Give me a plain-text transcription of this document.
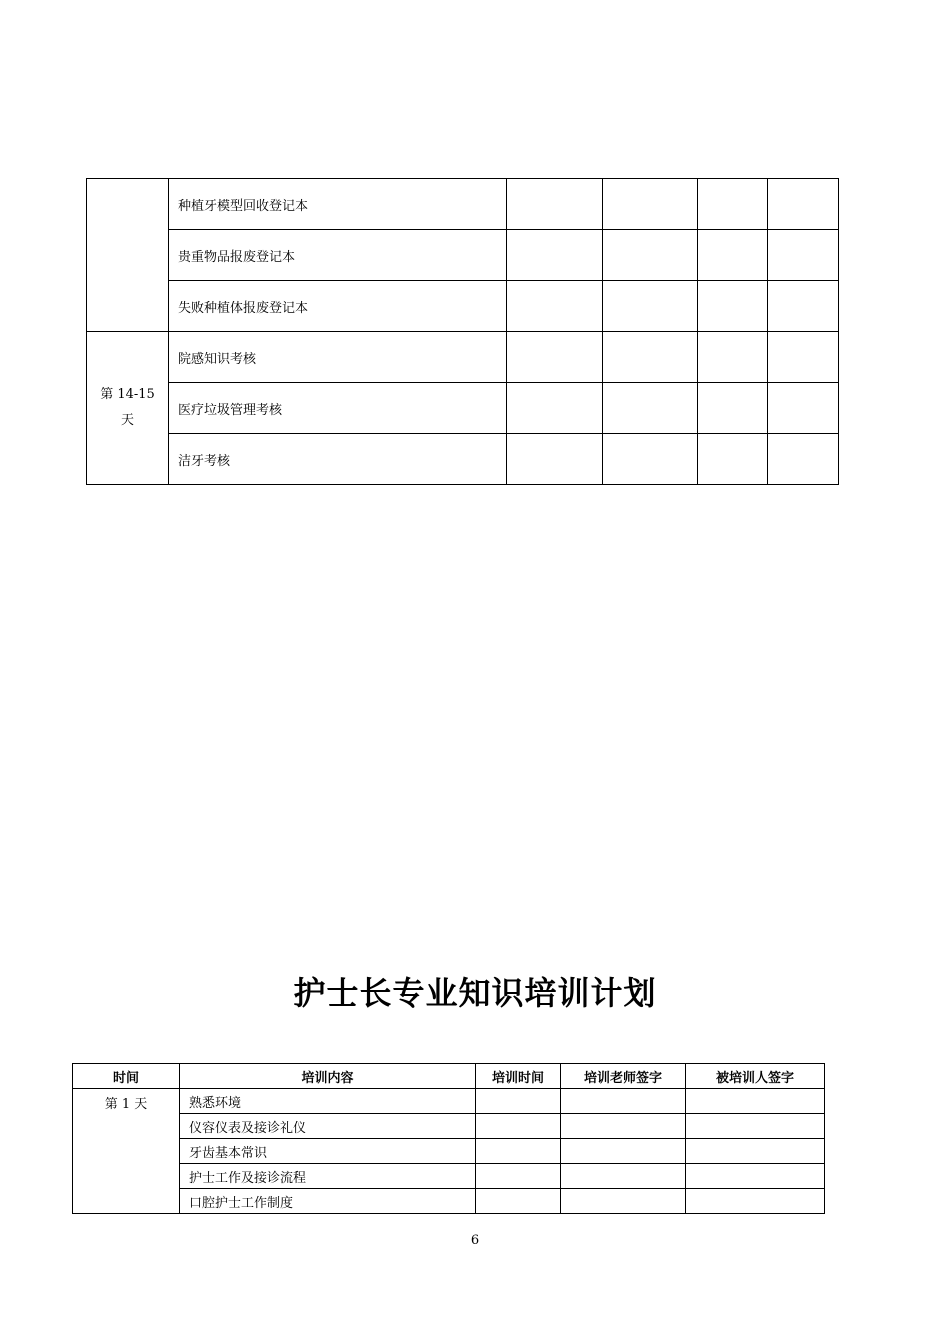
	种植牙模型回收登记本				
	贵重物品报废登记本				
	失败种植体报废登记本				
第 14-15 天	院感知识考核				
	医疗垃圾管理考核				
	洁牙考核				
护士长专业知识培训计划
时间	培训内容	培训时间	培训老师签字	被培训人签字
第 1 天	熟悉环境			
	仪容仪表及接诊礼仪			
	牙齿基本常识			
	护士工作及接诊流程			
	口腔护士工作制度			
6
